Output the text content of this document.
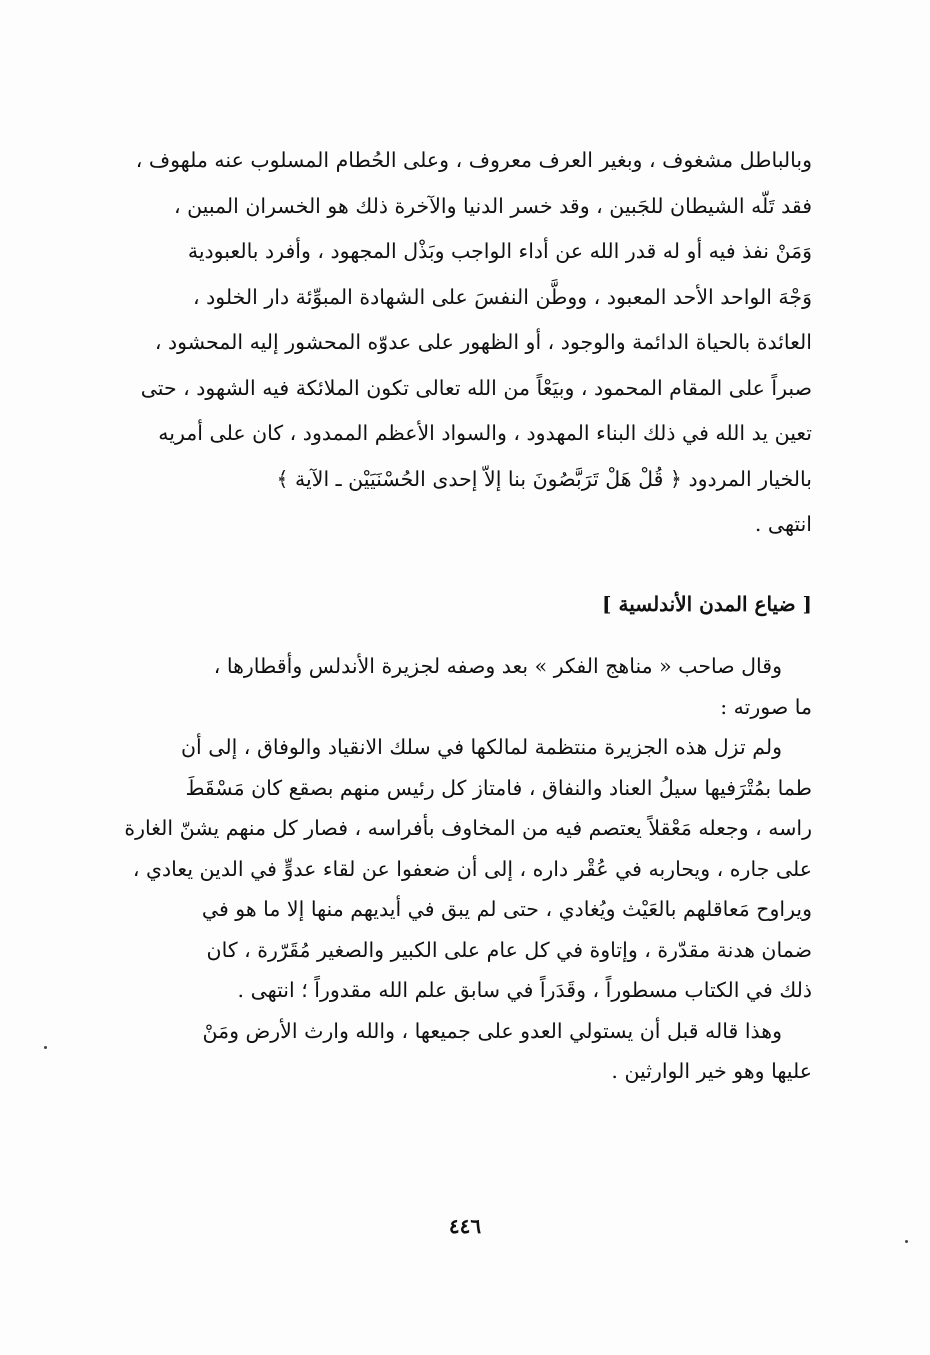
وبالباطل مشغوف ، وبغير العرف معروف ، وعلى الحُطام المسلوب عنه ملهوف ،
فقد تَلّه الشيطان للجَبين ، وقد خسر الدنيا والآخرة ذلك هو الخسران المبين ،
وَمَنْ نفذ فيه أو له قدر الله عن أداء الواجب وبَذْل المجهود ، وأفرد بالعبودية
وَجْهَ الواحد الأحد المعبود ، ووطَّن النفسَ على الشهادة المبوِّئة دار الخلود ،
العائدة بالحياة الدائمة والوجود ، أو الظهور على عدوّه المحشور إليه المحشود ،
صبراً على المقام المحمود ، وبيَعْاً من الله تعالى تكون الملائكة فيه الشهود ، حتى
تعين يد الله في ذلك البناء المهدود ، والسواد الأعظم الممدود ، كان على أمريه
بالخيار المردود ﴿ قُلْ هَلْ تَرَبَّصُونَ بنا إلاّ إحدى الحُسْنَيَيْن ـ الآية ﴾
انتهى .
[ ضياع المدن الأندلسية ]
وقال صاحب « مناهج الفكر » بعد وصفه لجزيرة الأندلس وأقطارها ،
ما صورته :
ولم تزل هذه الجزيرة منتظمة لمالكها في سلك الانقياد والوفاق ، إلى أن
طما بمُتْرَفيها سيلُ العناد والنفاق ، فامتاز كل رئيس منهم بصقع كان مَسْقَطَ
راسه ، وجعله مَعْقلاً يعتصم فيه من المخاوف بأفراسه ، فصار كل منهم يشنّ الغارة
على جاره ، ويحاربه في عُقْر داره ، إلى أن ضعفوا عن لقاء عدوٍّ في الدين يعادي ،
ويراوح مَعاقلهم بالعَيْث ويُغادي ، حتى لم يبق في أيديهم منها إلا ما هو في
ضمان هدنة مقدّرة ، وإتاوة في كل عام على الكبير والصغير مُقَرّرة ، كان
ذلك في الكتاب مسطوراً ، وقَدَراً في سابق علم الله مقدوراً ؛ انتهى .
وهذا قاله قبل أن يستولي العدو على جميعها ، والله وارث الأرض ومَنْ
عليها وهو خير الوارثين .
٤٤٦
